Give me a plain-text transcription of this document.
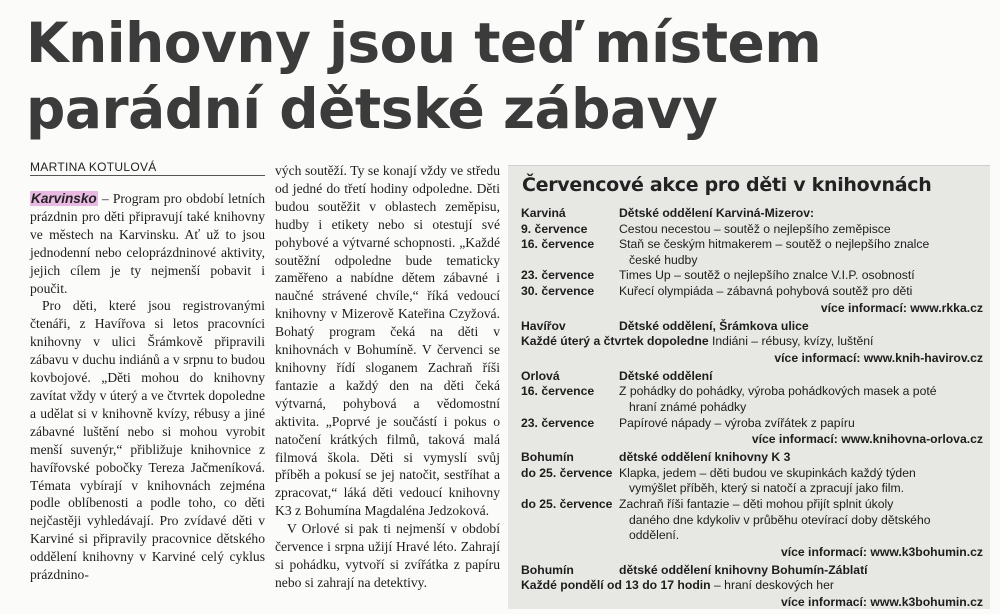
Knihovny jsou teď místem
parádní dětské zábavy
MARTINA KOTULOVÁ

Karvinsko – Program pro období letních prázdnin pro děti připravují také knihovny ve městech na Karvinsku. Ať už to jsou jednodenní nebo celoprázdninové aktivity, jejich cílem je ty nejmenší pobavit i poučit.

Pro děti, které jsou registrovanými čtenáři, z Havířova si letos pracovníci knihovny v ulici Šrámkově připravili zábavu v duchu indiánů a v srpnu to budou kovbojové. „Děti mohou do knihovny zavítat vždy v úterý a ve čtvrtek dopoledne a udělat si v knihovně kvízy, rébusy a jiné zábavné luštění nebo si mohou vyrobit menší suvenýr,“ přibližuje knihovnice z havířovské pobočky Tereza Jačmeníková. Témata vybírají v knihovnách zejména podle oblíbenosti a podle toho, co děti nejčastěji vyhledávají. Pro zvídavé děti v Karviné si připravily pracovnice dětského oddělení knihovny v Karviné celý cyklus prázdnino-

vých soutěží. Ty se konají vždy ve středu od jedné do třetí hodiny odpoledne. Děti budou soutěžit v oblastech zeměpisu, hudby i etikety nebo si otestují své pohybové a výtvarné schopnosti. „Každé soutěžní odpoledne bude tematicky zaměřeno a nabídne dětem zábavné i naučné strávené chvíle,“ říká vedoucí knihovny v Mizerově Kateřina Czyžová. Bohatý program čeká na děti v knihovnách v Bohumíně. V červenci se knihovny řídí sloganem Zachraň říši fantazie a každý den na děti čeká výtvarná, pohybová a vědomostní aktivita. „Poprvé je součástí i pokus o natočení krátkých filmů, taková malá filmová škola. Děti si vymyslí svůj příběh a pokusí se jej natočit, sestříhat a zpracovat,“ láká děti vedoucí knihovny K3 z Bohumína Magdaléna Jedzoková.

V Orlové si pak ti nejmenší v období července i srpna užijí Hravé léto. Zahrají si pohádku, vytvoří si zvířátka z papíru nebo si zahrají na detektivy.

Červencové akce pro děti v knihovnách
Karviná	Dětské oddělení Karviná-Mizerov:
9. července	Cestou necestou – soutěž o nejlepšího zeměpisce
16. července	Staň se českým hitmakerem – soutěž o nejlepšího znalce
české hudby
23. července	Times Up – soutěž o nejlepšího znalce V.I.P. osobností
30. července	Kuřecí olympiáda – zábavná pohybová soutěž pro děti
více informací: www.rkka.cz
Havířov	Dětské oddělení, Šrámkova ulice
Každé úterý a čtvrtek dopoledne Indiáni – rébusy, kvízy, luštění
více informací: www.knih-havirov.cz
Orlová	Dětské oddělení
16. července	Z pohádky do pohádky, výroba pohádkových masek a poté
hraní známé pohádky
23. července	Papírové nápady – výroba zvířátek z papíru
více informací: www.knihovna-orlova.cz
Bohumín	dětské oddělení knihovny K 3
do 25. července Klapka, jedem – děti budou ve skupinkách každý týden
vymýšlet příběh, který si natočí a zpracují jako film.
do 25. července Zachraň říši fantazie – děti mohou přijít splnit úkoly
daného dne kdykoliv v průběhu otevírací doby dětského
oddělení.
více informací: www.k3bohumin.cz
Bohumín	dětské oddělení knihovny Bohumín-Záblatí
Každé pondělí od 13 do 17 hodin – hraní deskových her
více informací: www.k3bohumin.cz
